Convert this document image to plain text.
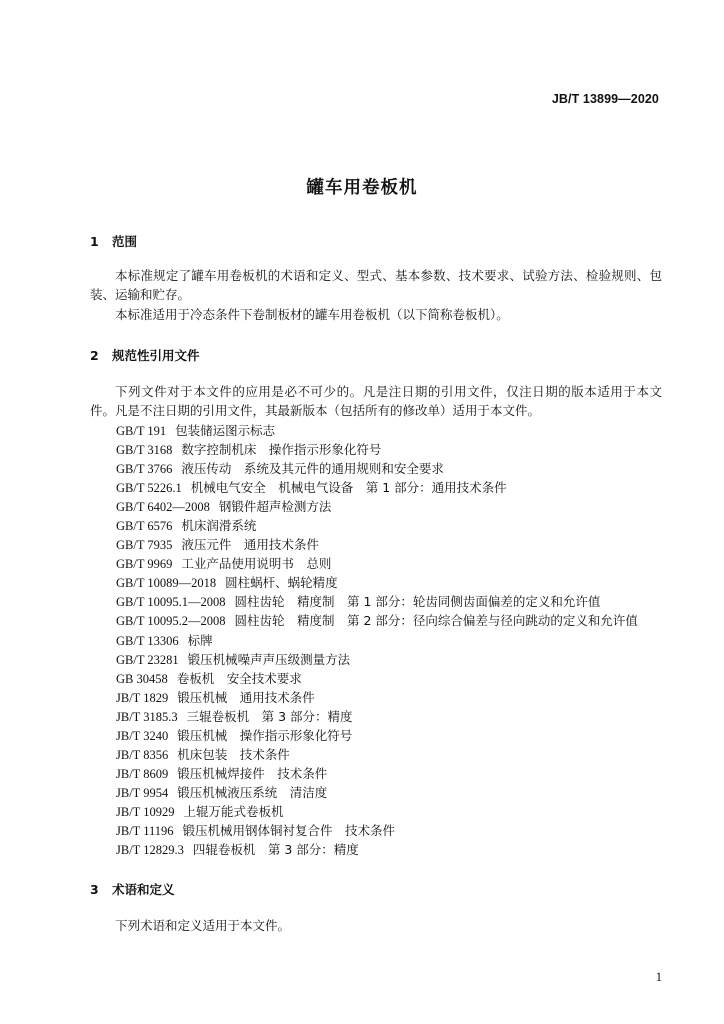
JB/T 13899—2020
罐车用卷板机
1 范围
本标准规定了罐车用卷板机的术语和定义、型式、基本参数、技术要求、试验方法、检验规则、包装、运输和贮存。
本标准适用于冷态条件下卷制板材的罐车用卷板机（以下简称卷板机）。
2 规范性引用文件
下列文件对于本文件的应用是必不可少的。凡是注日期的引用文件，仅注日期的版本适用于本文件。凡是不注日期的引用文件，其最新版本（包括所有的修改单）适用于本文件。
GB/T 191 包装储运图示标志
GB/T 3168 数字控制机床　操作指示形象化符号
GB/T 3766 液压传动　系统及其元件的通用规则和安全要求
GB/T 5226.1 机械电气安全　机械电气设备　第 1 部分：通用技术条件
GB/T 6402—2008 钢锻件超声检测方法
GB/T 6576 机床润滑系统
GB/T 7935 液压元件　通用技术条件
GB/T 9969 工业产品使用说明书　总则
GB/T 10089—2018 圆柱蜗杆、蜗轮精度
GB/T 10095.1—2008 圆柱齿轮　精度制　第 1 部分：轮齿同侧齿面偏差的定义和允许值
GB/T 10095.2—2008 圆柱齿轮　精度制　第 2 部分：径向综合偏差与径向跳动的定义和允许值
GB/T 13306 标牌
GB/T 23281 锻压机械噪声声压级测量方法
GB 30458 卷板机　安全技术要求
JB/T 1829 锻压机械　通用技术条件
JB/T 3185.3 三辊卷板机　第 3 部分：精度
JB/T 3240 锻压机械　操作指示形象化符号
JB/T 8356 机床包装　技术条件
JB/T 8609 锻压机械焊接件　技术条件
JB/T 9954 锻压机械液压系统　清洁度
JB/T 10929 上辊万能式卷板机
JB/T 11196 锻压机械用钢体铜衬复合件　技术条件
JB/T 12829.3 四辊卷板机　第 3 部分：精度
3 术语和定义
下列术语和定义适用于本文件。
1
